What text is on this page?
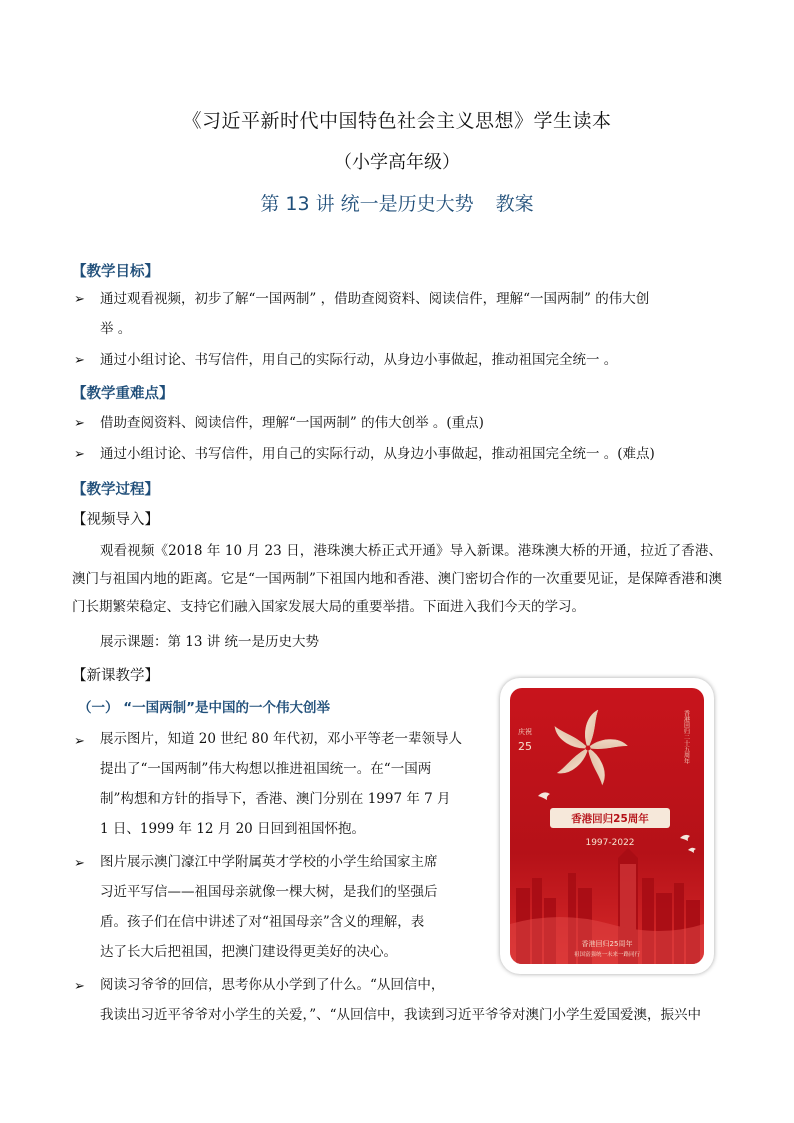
《习近平新时代中国特色社会主义思想》学生读本
（小学高年级）
第 13 讲 统一是历史大势 教案
【教学目标】
➢ 通过观看视频，初步了解“一国两制” ，借助查阅资料、阅读信件，理解“一国两制” 的伟大创
举 。
➢ 通过小组讨论、书写信件，用自己的实际行动，从身边小事做起，推动祖国完全统一 。
【教学重难点】
➢ 借助查阅资料、阅读信件，理解“一国两制” 的伟大创举 。(重点)
➢ 通过小组讨论、书写信件，用自己的实际行动，从身边小事做起，推动祖国完全统一 。(难点)
【教学过程】
【视频导入】
观看视频《2018 年 10 月 23 日，港珠澳大桥正式开通》导入新课。港珠澳大桥的开通，拉近了香港、澳门与祖国内地的距离。它是“一国两制”下祖国内地和香港、澳门密切合作的一次重要见证，是保障香港和澳门长期繁荣稳定、支持它们融入国家发展大局的重要举措。下面进入我们今天的学习。
展示课题：第 13 讲 统一是历史大势
【新课教学】
（一） “一国两制”是中国的一个伟大创举
➢ 展示图片，知道 20 世纪 80 年代初，邓小平等老一辈领导人
提出了“一国两制”伟大构想以推进祖国统一。在“一国两
制”构想和方针的指导下，香港、澳门分别在 1997 年 7 月
1 日、1999 年 12 月 20 日回到祖国怀抱。
➢ 图片展示澳门濠江中学附属英才学校的小学生给国家主席
习近平写信——祖国母亲就像一棵大树，是我们的坚强后
盾。孩子们在信中讲述了对“祖国母亲”含义的理解，表
达了长大后把祖国，把澳门建设得更美好的决心。
➢ 阅读习爷爷的回信，思考你从小学到了什么。“从回信中，
我读出习近平爷爷对小学生的关爱，”、“从回信中，我读到习近平爷爷对澳门小学生爱国爱澳，振兴中
香港回归二十五周年
庆祝
25
香港回归25周年
1997-2022
香港回归25周年
祖国富强统一未来一路同行
